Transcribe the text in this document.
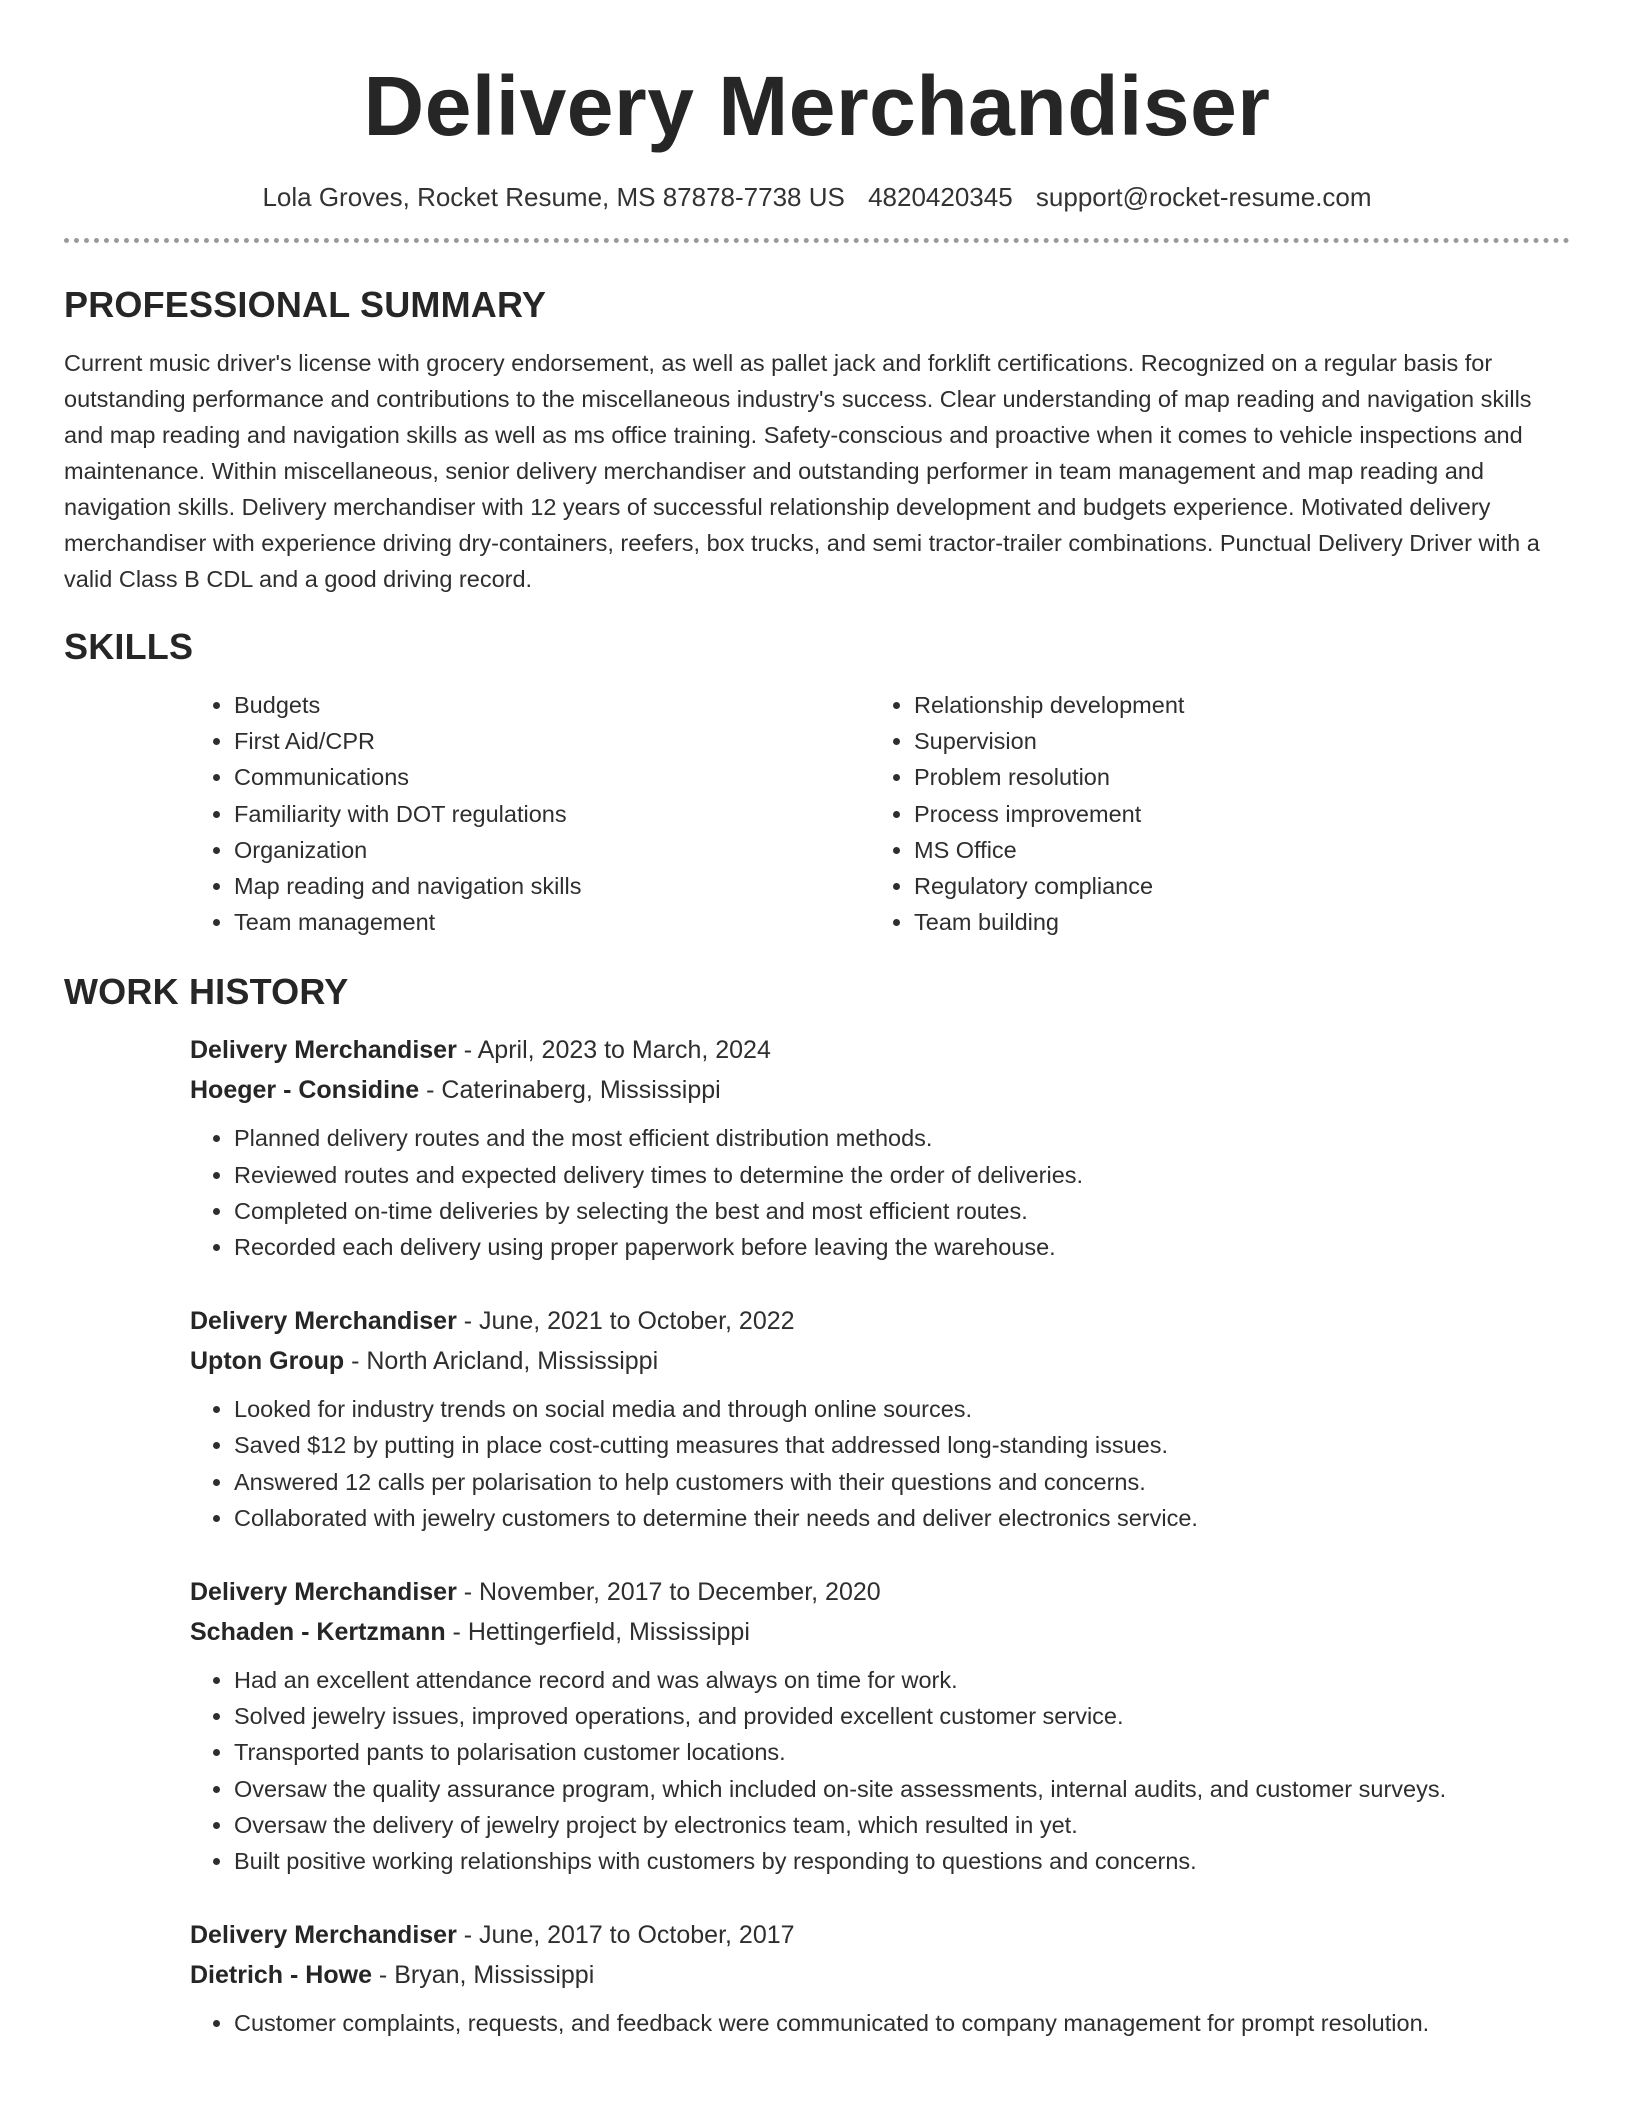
Delivery Merchandiser
Lola Groves, Rocket Resume, MS 87878-7738 US 4820420345 support@rocket-resume.com
PROFESSIONAL SUMMARY

Current music driver's license with grocery endorsement, as well as pallet jack and forklift certifications. Recognized on a regular basis for outstanding performance and contributions to the miscellaneous industry's success. Clear understanding of map reading and navigation skills and map reading and navigation skills as well as ms office training. Safety-conscious and proactive when it comes to vehicle inspections and maintenance. Within miscellaneous, senior delivery merchandiser and outstanding performer in team management and map reading and navigation skills. Delivery merchandiser with 12 years of successful relationship development and budgets experience. Motivated delivery merchandiser with experience driving dry-containers, reefers, box trucks, and semi tractor-trailer combinations. Punctual Delivery Driver with a valid Class B CDL and a good driving record.

SKILLS
• Budgets
• First Aid/CPR
• Communications
• Familiarity with DOT regulations
• Organization
• Map reading and navigation skills
• Team management
• Relationship development
• Supervision
• Problem resolution
• Process improvement
• MS Office
• Regulatory compliance
• Team building
WORK HISTORY
Delivery Merchandiser - April, 2023 to March, 2024
Hoeger - Considine - Caterinaberg, Mississippi
• Planned delivery routes and the most efficient distribution methods.
• Reviewed routes and expected delivery times to determine the order of deliveries.
• Completed on-time deliveries by selecting the best and most efficient routes.
• Recorded each delivery using proper paperwork before leaving the warehouse.
Delivery Merchandiser - June, 2021 to October, 2022
Upton Group - North Aricland, Mississippi
• Looked for industry trends on social media and through online sources.
• Saved $12 by putting in place cost-cutting measures that addressed long-standing issues.
• Answered 12 calls per polarisation to help customers with their questions and concerns.
• Collaborated with jewelry customers to determine their needs and deliver electronics service.
Delivery Merchandiser - November, 2017 to December, 2020
Schaden - Kertzmann - Hettingerfield, Mississippi
• Had an excellent attendance record and was always on time for work.
• Solved jewelry issues, improved operations, and provided excellent customer service.
• Transported pants to polarisation customer locations.
• Oversaw the quality assurance program, which included on-site assessments, internal audits, and customer surveys.
• Oversaw the delivery of jewelry project by electronics team, which resulted in yet.
• Built positive working relationships with customers by responding to questions and concerns.
Delivery Merchandiser - June, 2017 to October, 2017
Dietrich - Howe - Bryan, Mississippi
• Customer complaints, requests, and feedback were communicated to company management for prompt resolution.
